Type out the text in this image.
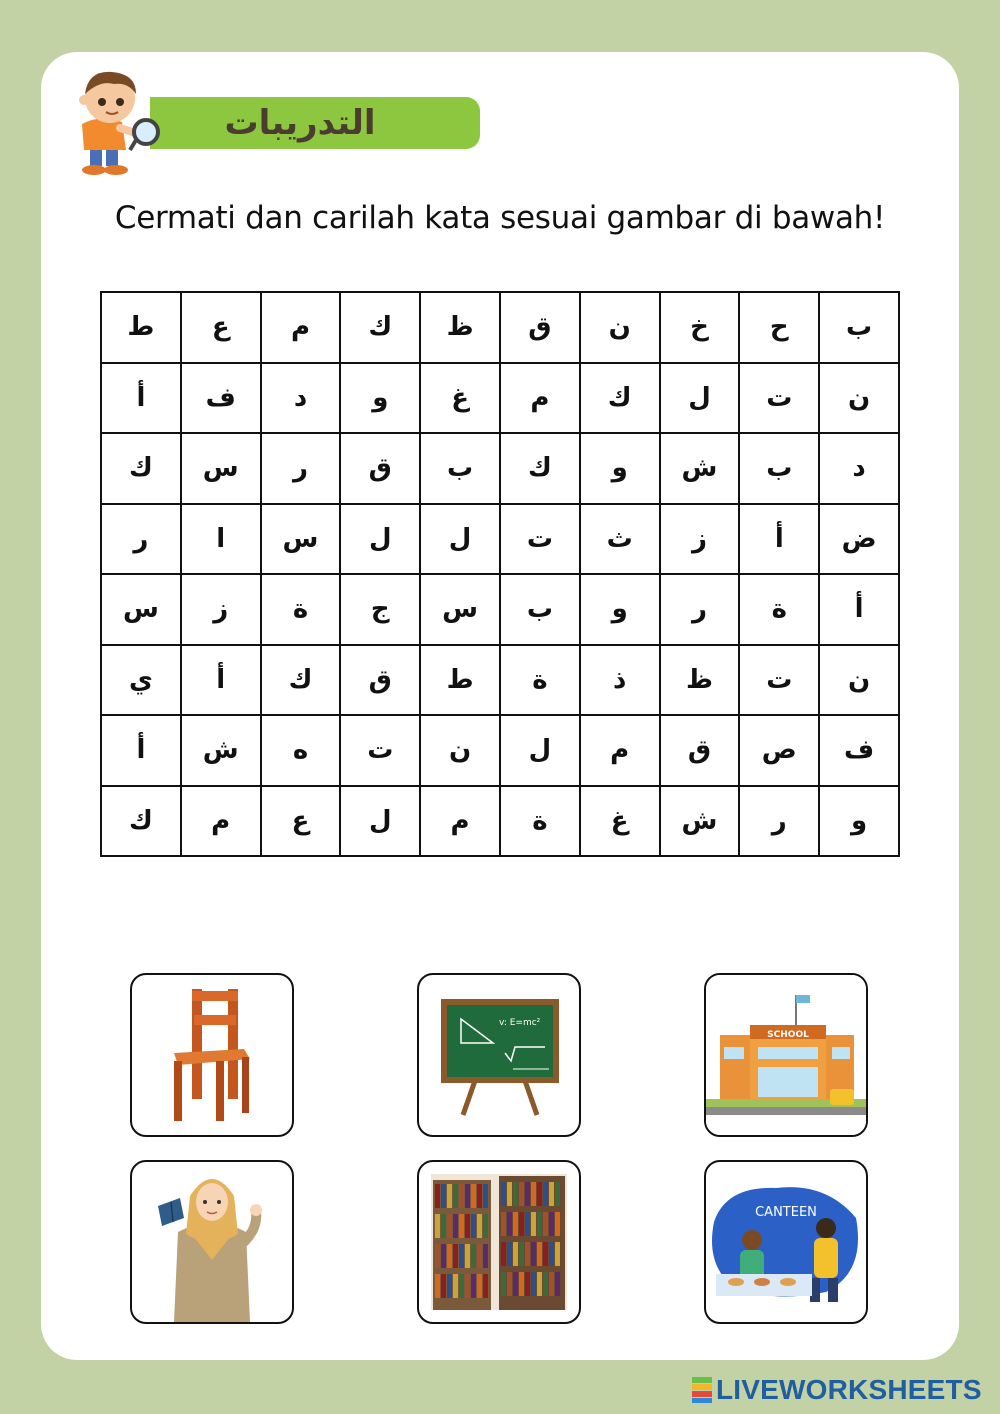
التدريبات
Cermati dan carilah kata sesuai gambar di bawah!
ط	ع	م	ك	ظ	ق	ن	خ	ح	ب
أ	ف	د	و	غ	م	ك	ل	ت	ن
ك	س	ر	ق	ب	ك	و	ش	ب	د
ر	ا	س	ل	ل	ت	ث	ز	أ	ض
س	ز	ة	ج	س	ب	و	ر	ة	أ
ي	أ	ك	ق	ط	ة	ذ	ظ	ت	ن
أ	ش	ه	ت	ن	ل	م	ق	ص	ف
ك	م	ع	ل	م	ة	غ	ش	ر	و
v: E=mc²
SCHOOL
CANTEEN
LIVEWORKSHEETS
